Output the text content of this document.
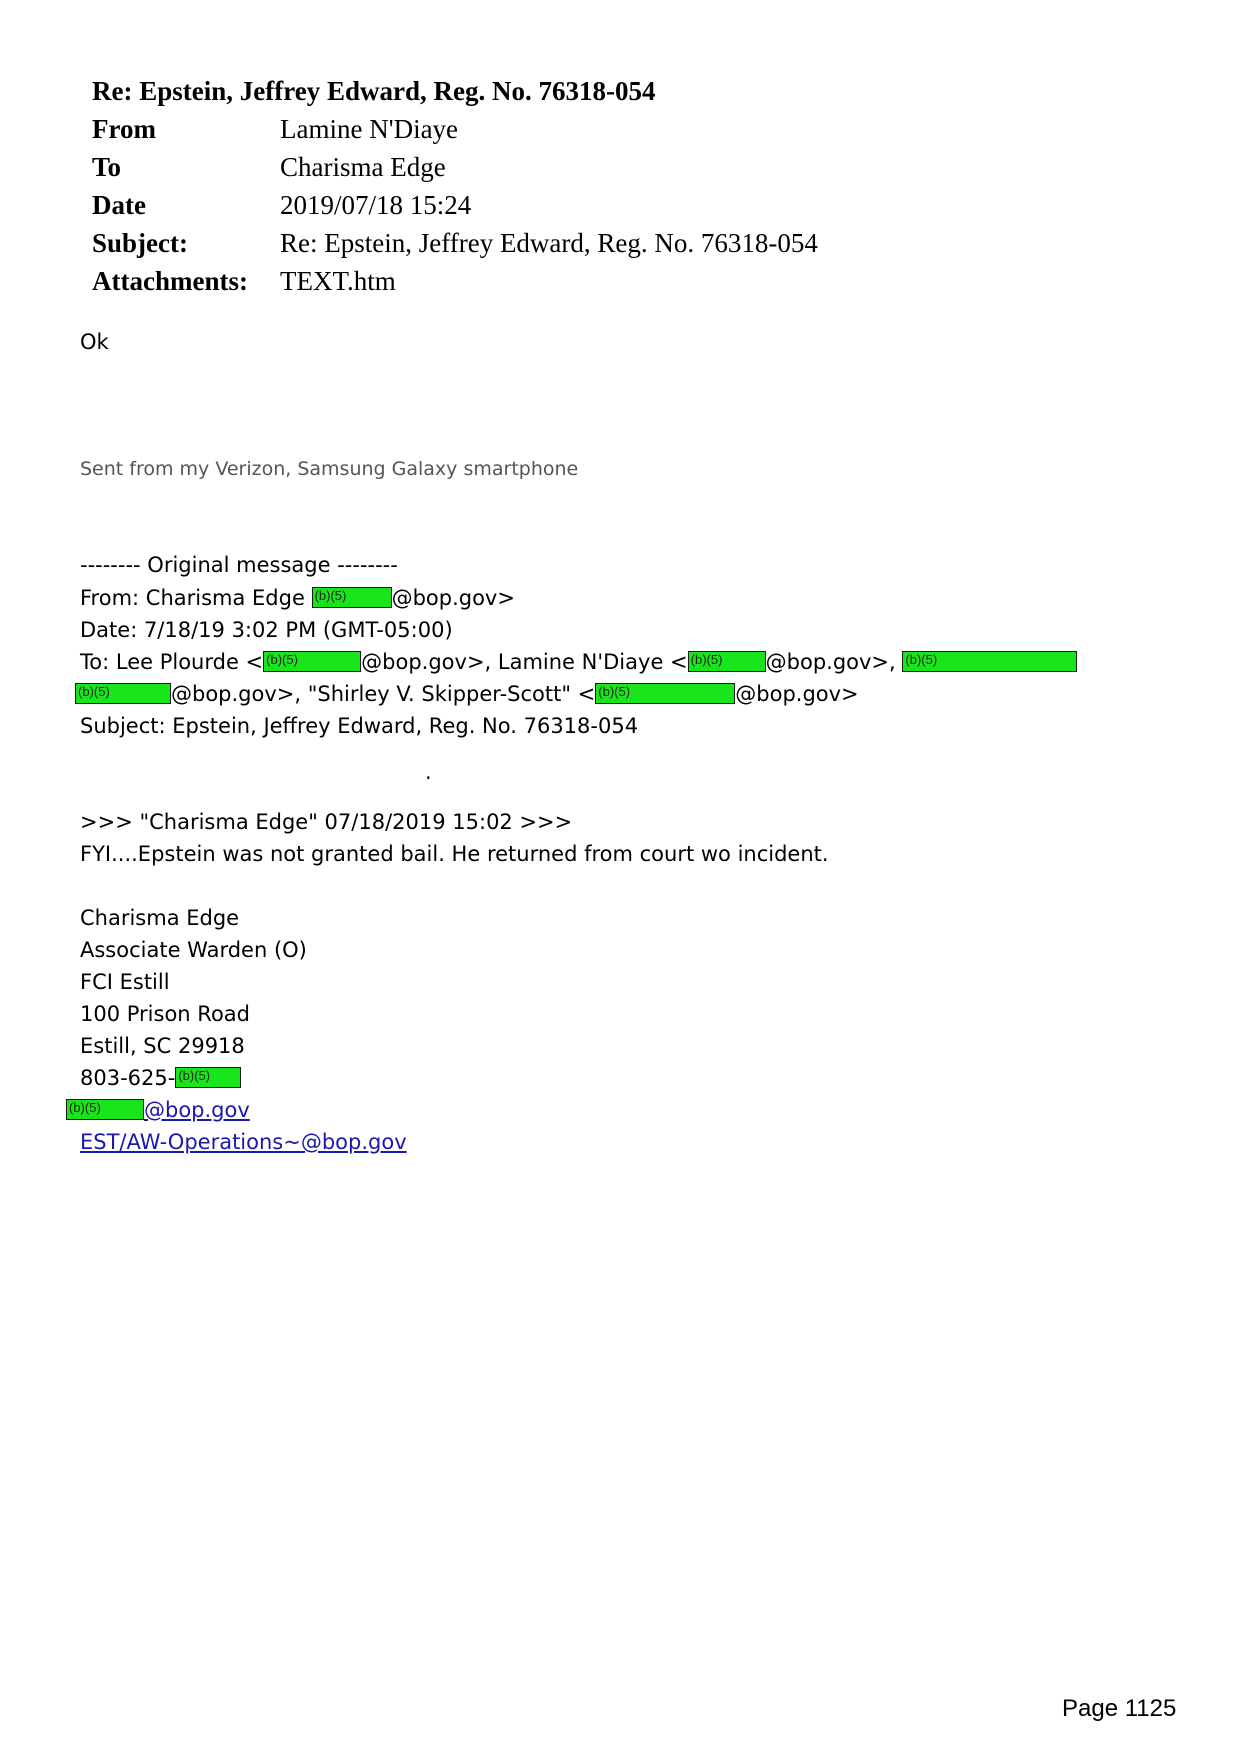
Re: Epstein, Jeffrey Edward, Reg. No. 76318-054
From	Lamine N'Diaye
To	Charisma Edge
Date	2019/07/18 15:24
Subject:	Re: Epstein, Jeffrey Edward, Reg. No. 76318-054
Attachments: TEXT.htm
Ok
Sent from my Verizon, Samsung Galaxy smartphone
-------- Original message --------
From: Charisma Edge (b)(5) @bop.gov>
Date: 7/18/19 3:02 PM (GMT-05:00)
To: Lee Plourde < (b)(5)	@bop.gov>, Lamine N'Diaye < (b)(5) @bop.gov>, (b)(5)
(b)(5)	@bop.gov>, "Shirley V. Skipper-Scott" < (b)(5)	@bop.gov>
Subject: Epstein, Jeffrey Edward, Reg. No. 76318-054
.
>>> "Charisma Edge" 07/18/2019 15:02 >>>
FYI....Epstein was not granted bail. He returned from court wo incident.
Charisma Edge
Associate Warden (O)
FCI Estill
100 Prison Road
Estill, SC 29918
803-625- (b)(5)
(b)(5) @bop.gov
EST/AW-Operations~@bop.gov
Page 1125
